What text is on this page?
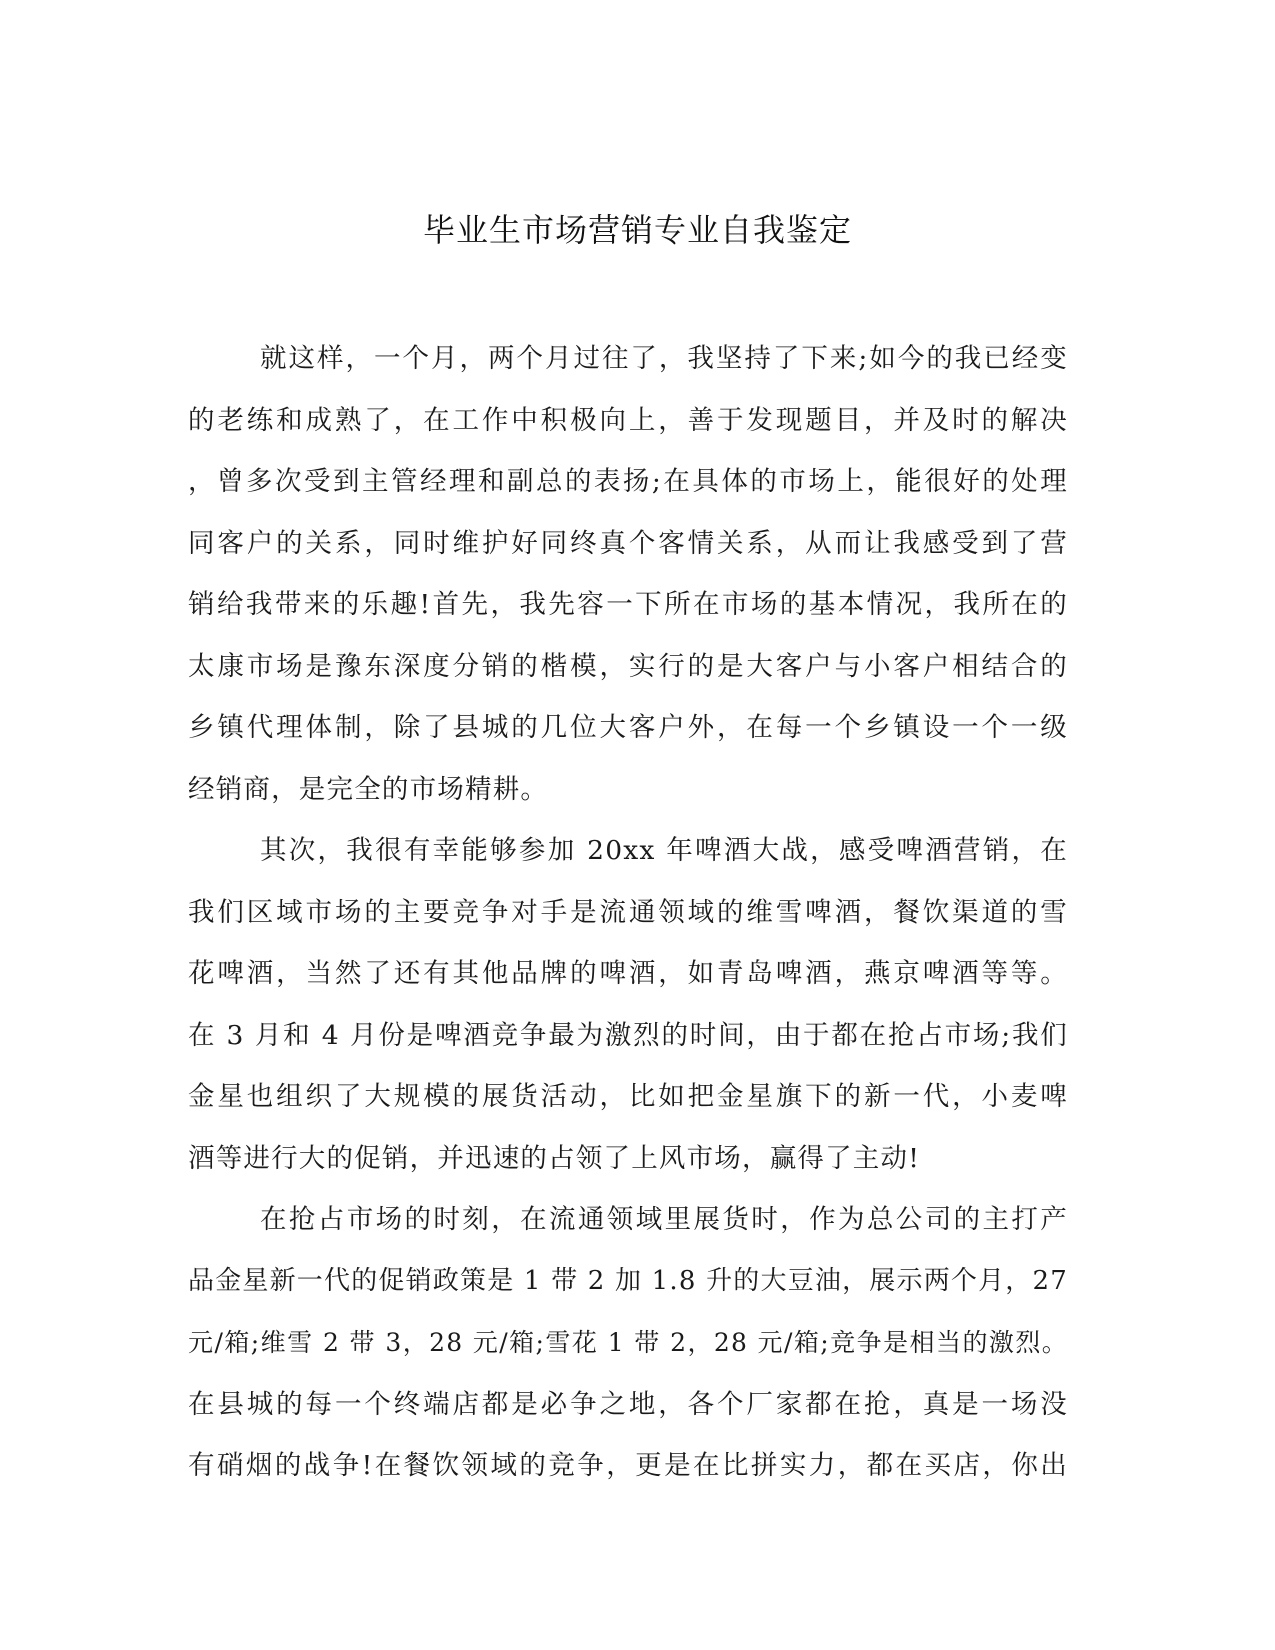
毕业生市场营销专业自我鉴定
就这样，一个月，两个月过往了，我坚持了下来;如今的我已经变
的老练和成熟了，在工作中积极向上，善于发现题目，并及时的解决
，曾多次受到主管经理和副总的表扬;在具体的市场上，能很好的处理
同客户的关系，同时维护好同终真个客情关系，从而让我感受到了营
销给我带来的乐趣!首先，我先容一下所在市场的基本情况，我所在的
太康市场是豫东深度分销的楷模，实行的是大客户与小客户相结合的
乡镇代理体制，除了县城的几位大客户外，在每一个乡镇设一个一级
经销商，是完全的市场精耕。
其次，我很有幸能够参加 20xx 年啤酒大战，感受啤酒营销，在
我们区域市场的主要竞争对手是流通领域的维雪啤酒，餐饮渠道的雪
花啤酒，当然了还有其他品牌的啤酒，如青岛啤酒，燕京啤酒等等。
在 3 月和 4 月份是啤酒竞争最为激烈的时间，由于都在抢占市场;我们
金星也组织了大规模的展货活动，比如把金星旗下的新一代，小麦啤
酒等进行大的促销，并迅速的占领了上风市场，赢得了主动!
在抢占市场的时刻，在流通领域里展货时，作为总公司的主打产
品金星新一代的促销政策是 1 带 2 加 1.8 升的大豆油，展示两个月，27
元/箱;维雪 2 带 3，28 元/箱;雪花 1 带 2，28 元/箱;竞争是相当的激烈。
在县城的每一个终端店都是必争之地，各个厂家都在抢，真是一场没
有硝烟的战争!在餐饮领域的竞争，更是在比拼实力，都在买店，你出
